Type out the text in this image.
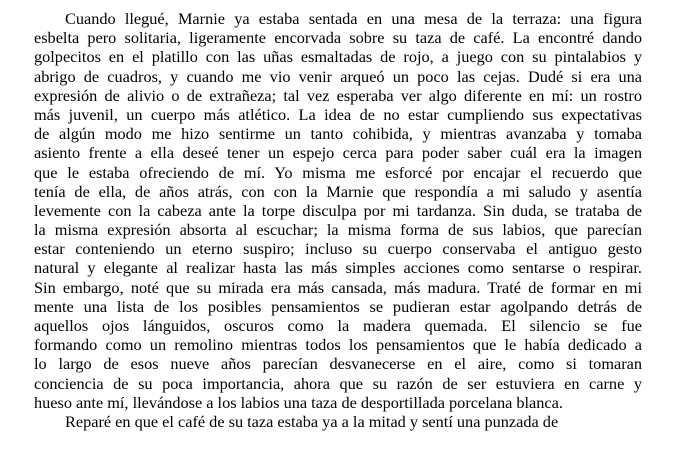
Cuando llegué, Marnie ya estaba sentada en una mesa de la terraza: una figura
esbelta pero solitaria, ligeramente encorvada sobre su taza de café. La encontré dando
golpecitos en el platillo con las uñas esmaltadas de rojo, a juego con su pintalabios y
abrigo de cuadros, y cuando me vio venir arqueó un poco las cejas. Dudé si era una
expresión de alivio o de extrañeza; tal vez esperaba ver algo diferente en mí: un rostro
más juvenil, un cuerpo más atlético. La idea de no estar cumpliendo sus expectativas
de algún modo me hizo sentirme un tanto cohibida, y mientras avanzaba y tomaba
asiento frente a ella deseé tener un espejo cerca para poder saber cuál era la imagen
que le estaba ofreciendo de mí. Yo misma me esforcé por encajar el recuerdo que
tenía de ella, de años atrás, con con la Marnie que respondía a mi saludo y asentía
levemente con la cabeza ante la torpe disculpa por mi tardanza. Sin duda, se trataba de
la misma expresión absorta al escuchar; la misma forma de sus labios, que parecían
estar conteniendo un eterno suspiro; incluso su cuerpo conservaba el antiguo gesto
natural y elegante al realizar hasta las más simples acciones como sentarse o respirar.
Sin embargo, noté que su mirada era más cansada, más madura. Traté de formar en mi
mente una lista de los posibles pensamientos se pudieran estar agolpando detrás de
aquellos ojos lánguidos, oscuros como la madera quemada. El silencio se fue
formando como un remolino mientras todos los pensamientos que le había dedicado a
lo largo de esos nueve años parecían desvanecerse en el aire, como si tomaran
conciencia de su poca importancia, ahora que su razón de ser estuviera en carne y
hueso ante mí, llevándose a los labios una taza de desportillada porcelana blanca.
Reparé en que el café de su taza estaba ya a la mitad y sentí una punzada de
